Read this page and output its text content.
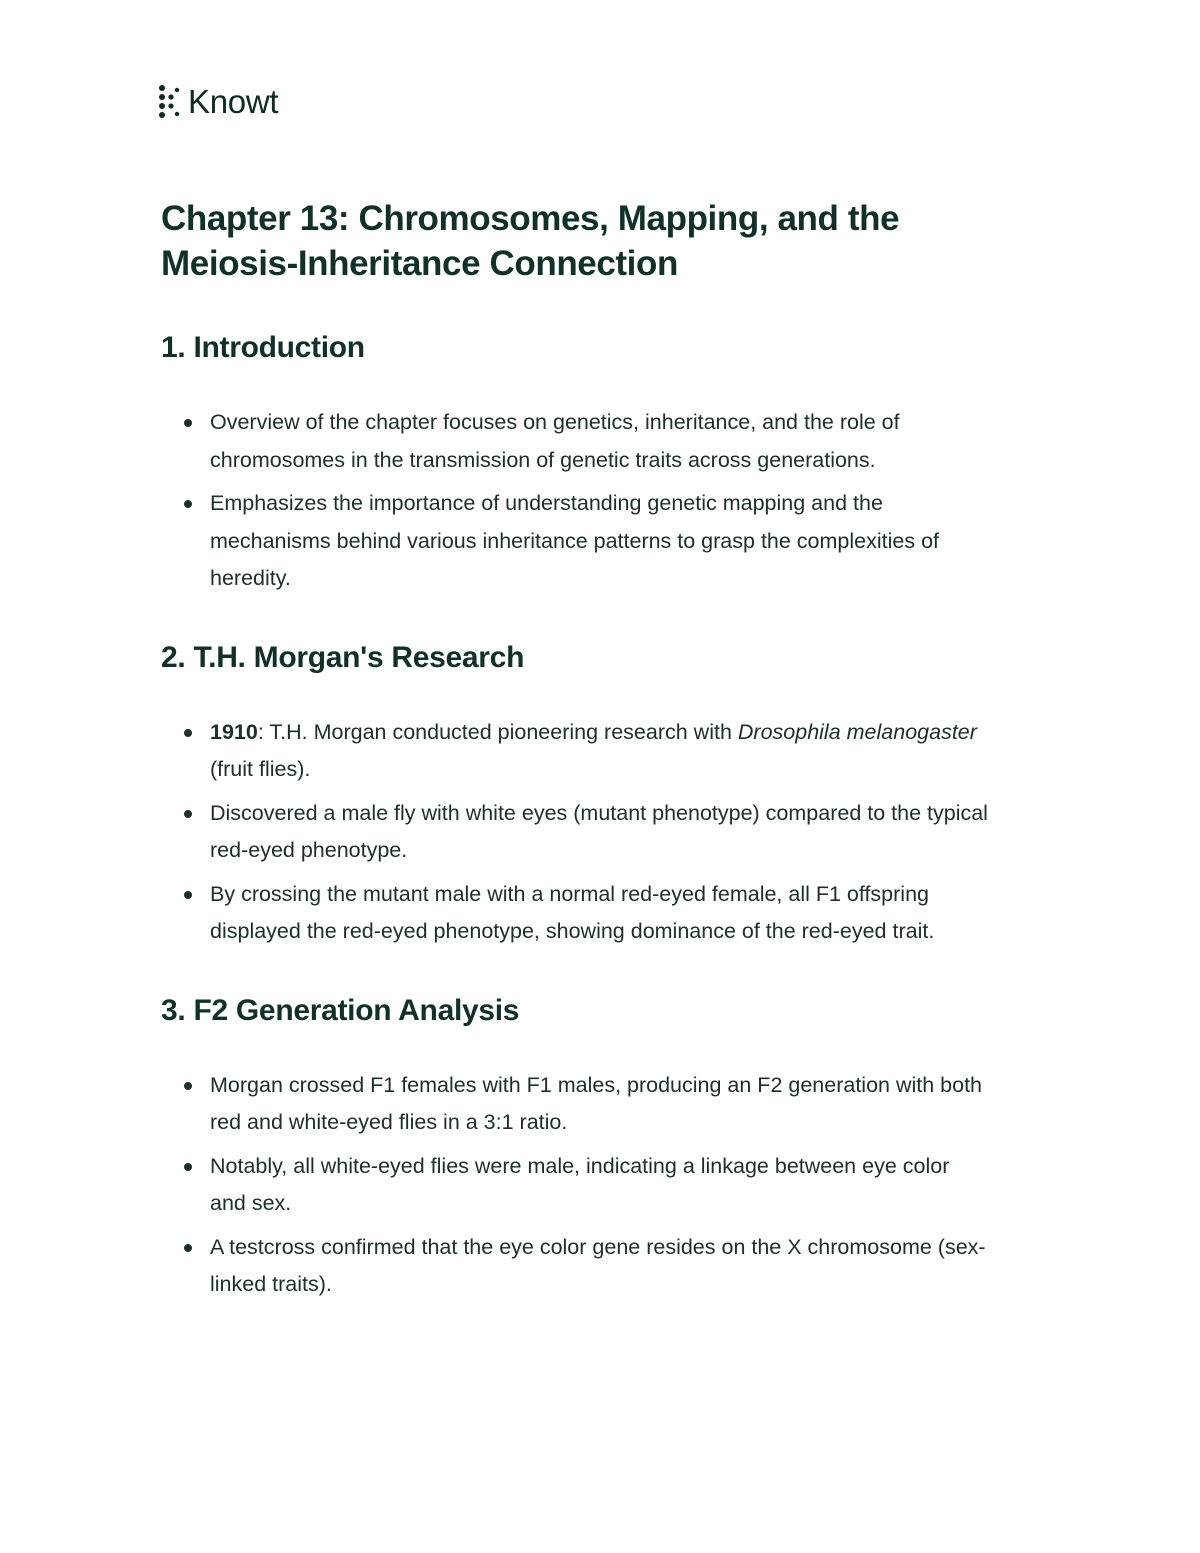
Knowt
Chapter 13: Chromosomes, Mapping, and the Meiosis-Inheritance Connection
1. Introduction
Overview of the chapter focuses on genetics, inheritance, and the role of chromosomes in the transmission of genetic traits across generations.
Emphasizes the importance of understanding genetic mapping and the mechanisms behind various inheritance patterns to grasp the complexities of heredity.
2. T.H. Morgan's Research
1910: T.H. Morgan conducted pioneering research with Drosophila melanogaster (fruit flies).
Discovered a male fly with white eyes (mutant phenotype) compared to the typical red-eyed phenotype.
By crossing the mutant male with a normal red-eyed female, all F1 offspring displayed the red-eyed phenotype, showing dominance of the red-eyed trait.
3. F2 Generation Analysis
Morgan crossed F1 females with F1 males, producing an F2 generation with both red and white-eyed flies in a 3:1 ratio.
Notably, all white-eyed flies were male, indicating a linkage between eye color and sex.
A testcross confirmed that the eye color gene resides on the X chromosome (sex-linked traits).
